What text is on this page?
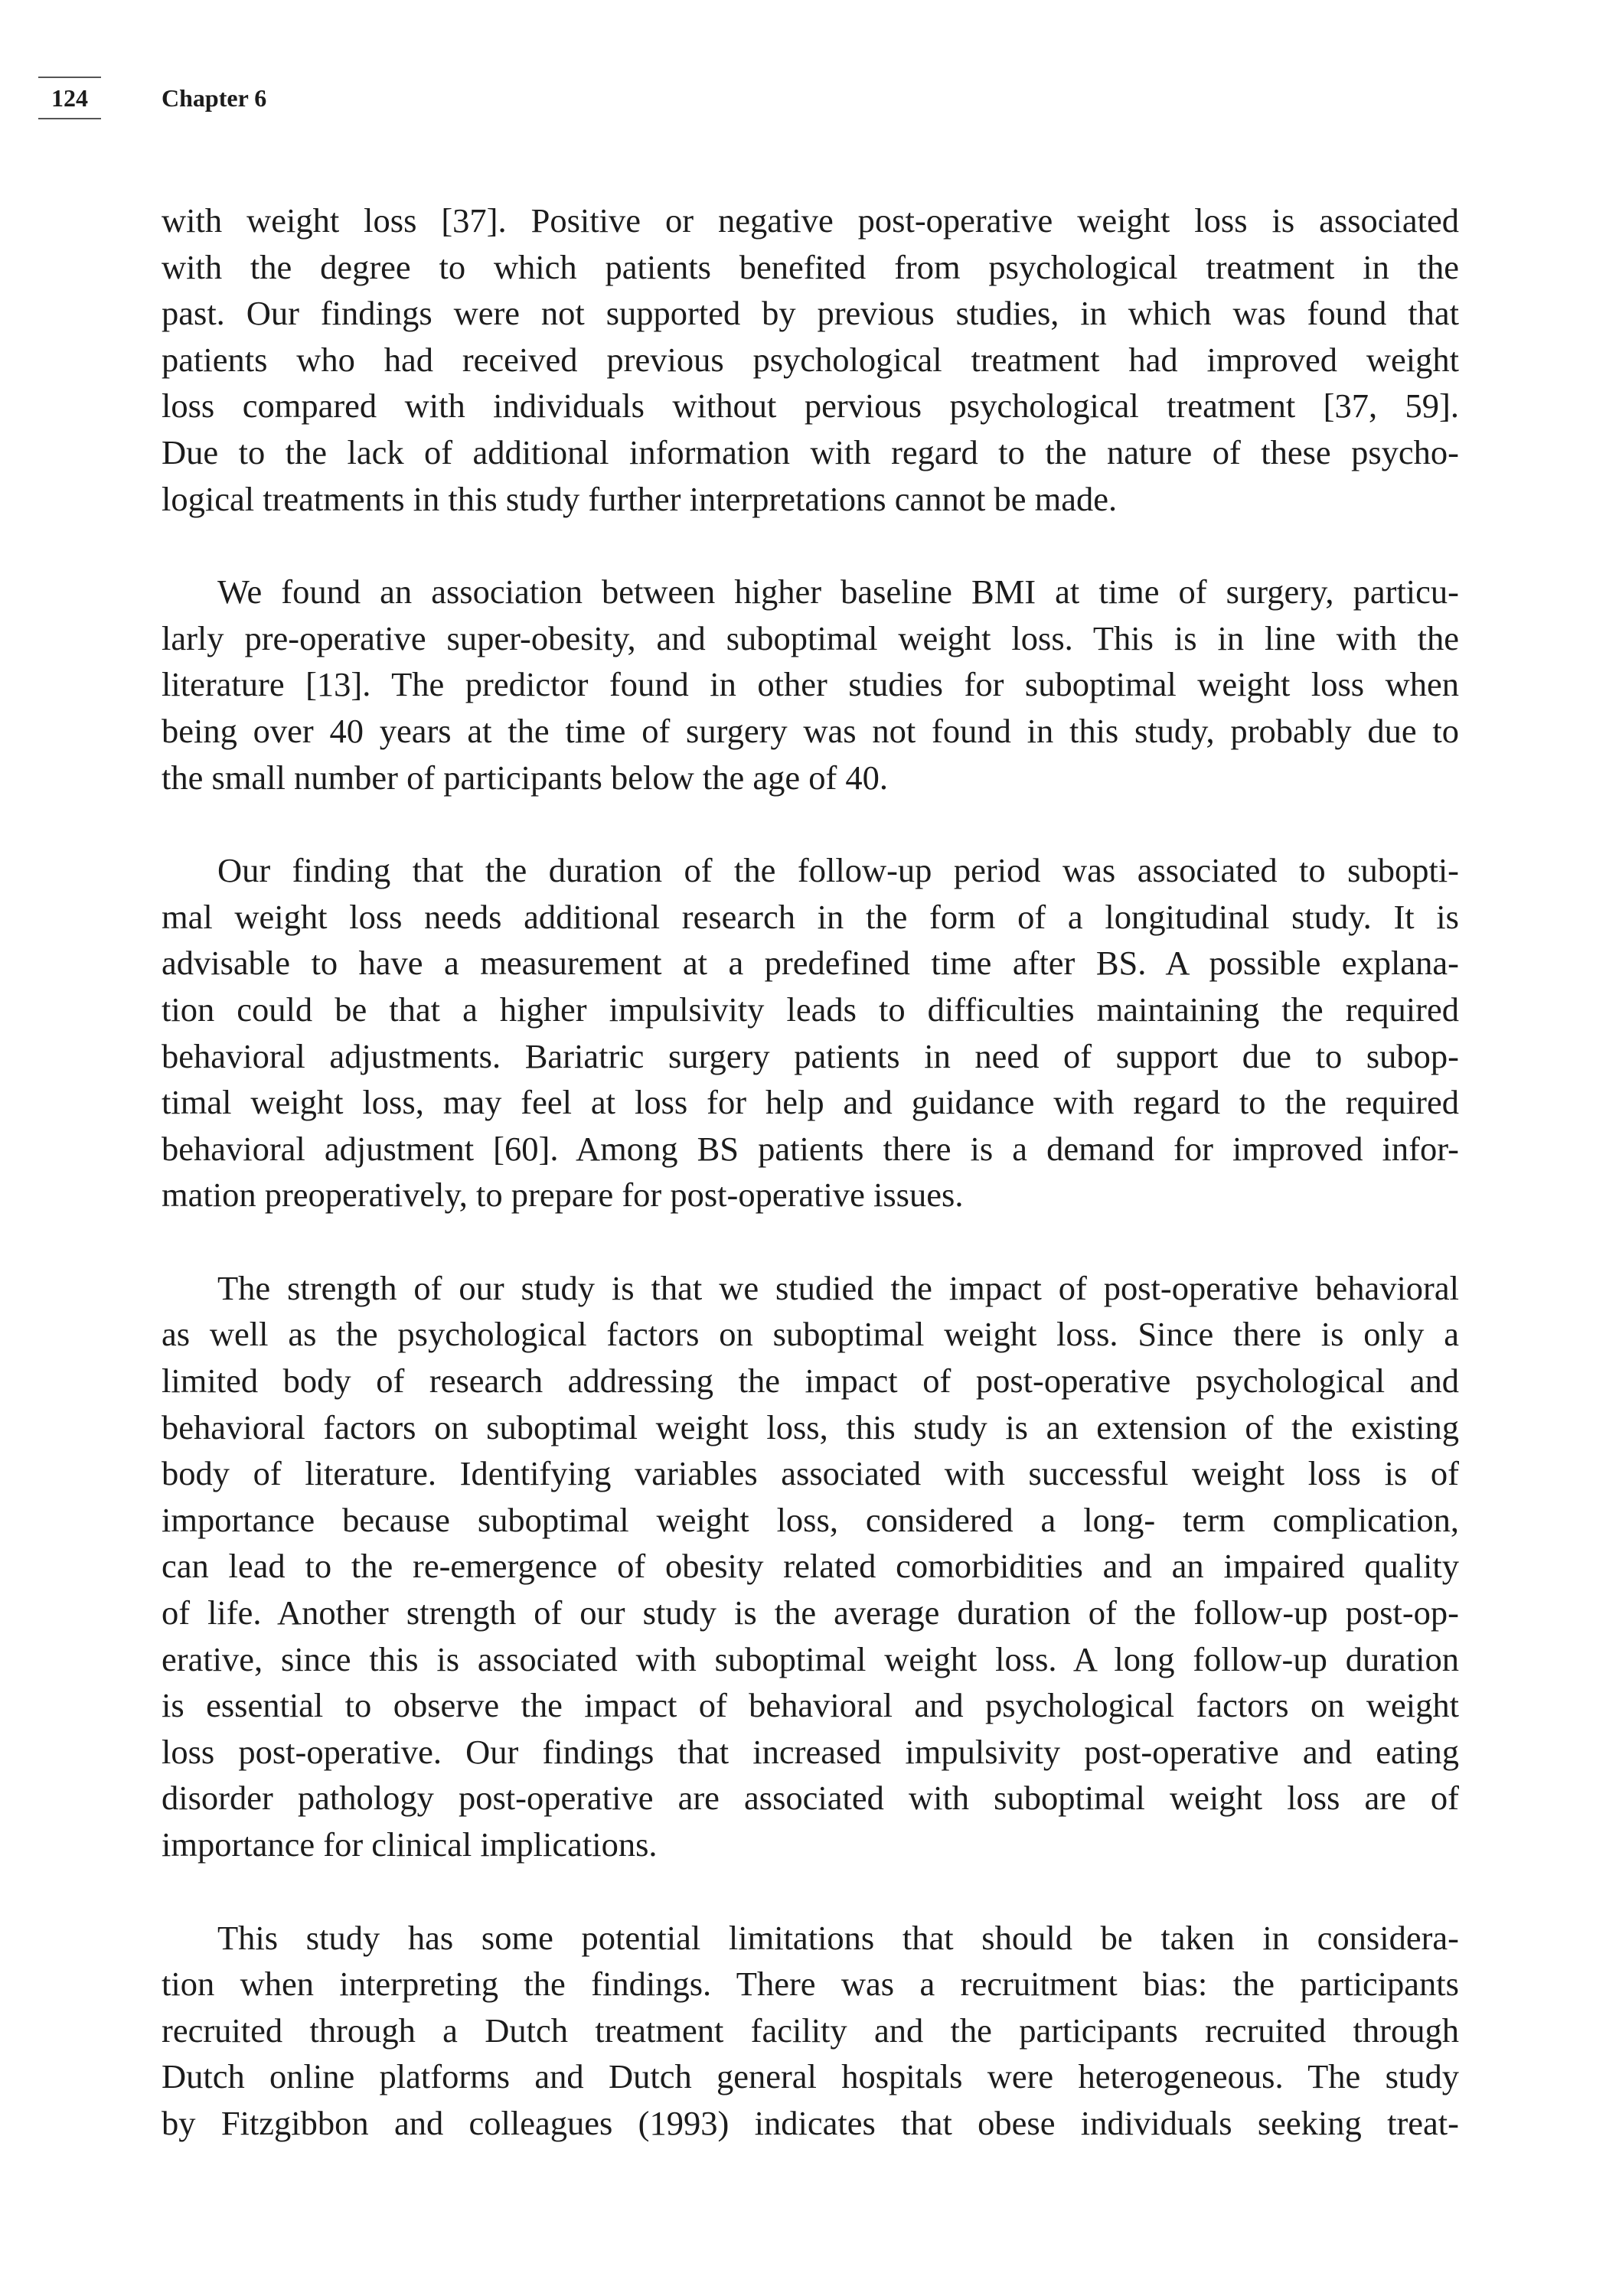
124	Chapter 6
with weight loss [37]. Positive or negative post-operative weight loss is associated
with the degree to which patients benefited from psychological treatment in the
past. Our findings were not supported by previous studies, in which was found that
patients who had received previous psychological treatment had improved weight
loss compared with individuals without pervious psychological treatment [37, 59].
Due to the lack of additional information with regard to the nature of these psycho-
logical treatments in this study further interpretations cannot be made.
We found an association between higher baseline BMI at time of surgery, particu-
larly pre-operative super-obesity, and suboptimal weight loss. This is in line with the
literature [13]. The predictor found in other studies for suboptimal weight loss when
being over 40 years at the time of surgery was not found in this study, probably due to
the small number of participants below the age of 40.
Our finding that the duration of the follow-up period was associated to subopti-
mal weight loss needs additional research in the form of a longitudinal study. It is
advisable to have a measurement at a predefined time after BS. A possible explana-
tion could be that a higher impulsivity leads to difficulties maintaining the required
behavioral adjustments. Bariatric surgery patients in need of support due to subop-
timal weight loss, may feel at loss for help and guidance with regard to the required
behavioral adjustment [60]. Among BS patients there is a demand for improved infor-
mation preoperatively, to prepare for post-operative issues.
The strength of our study is that we studied the impact of post-operative behavioral
as well as the psychological factors on suboptimal weight loss. Since there is only a
limited body of research addressing the impact of post-operative psychological and
behavioral factors on suboptimal weight loss, this study is an extension of the existing
body of literature. Identifying variables associated with successful weight loss is of
importance because suboptimal weight loss, considered a long- term complication,
can lead to the re-emergence of obesity related comorbidities and an impaired quality
of life. Another strength of our study is the average duration of the follow-up post-op-
erative, since this is associated with suboptimal weight loss. A long follow-up duration
is essential to observe the impact of behavioral and psychological factors on weight
loss post-operative. Our findings that increased impulsivity post-operative and eating
disorder pathology post-operative are associated with suboptimal weight loss are of
importance for clinical implications.
This study has some potential limitations that should be taken in considera-
tion when interpreting the findings. There was a recruitment bias: the participants
recruited through a Dutch treatment facility and the participants recruited through
Dutch online platforms and Dutch general hospitals were heterogeneous. The study
by Fitzgibbon and colleagues (1993) indicates that obese individuals seeking treat-
